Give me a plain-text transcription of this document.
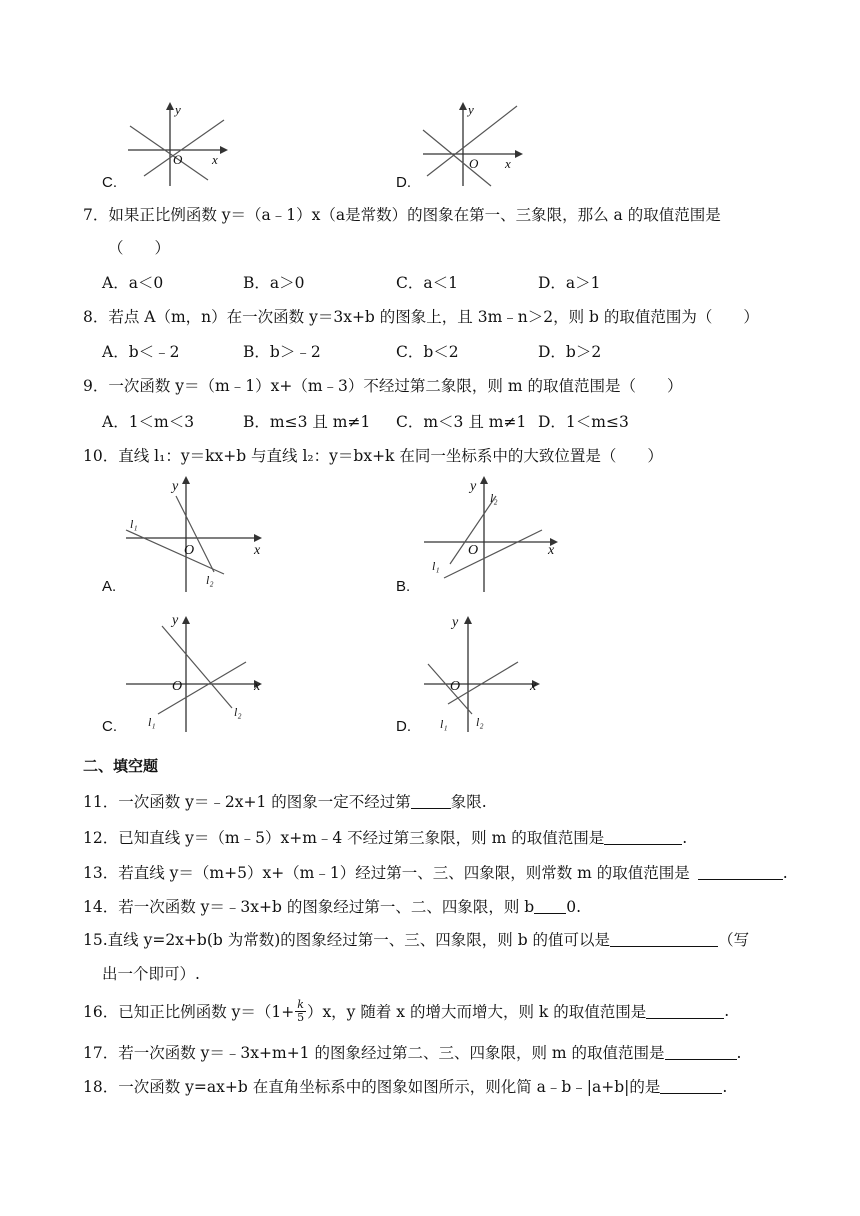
y
O x
C.
y
O x
D.
7．如果正比例函数 y＝（a﹣1）x（a是常数）的图象在第一、三象限，那么 a 的取值范围是
（　　）
A．a＜0	B．a＞0	C．a＜1	D．a＞1
8．若点 A（m，n）在一次函数 y＝3x+b 的图象上，且 3m﹣n＞2，则 b 的取值范围为（　　）
A．b＜﹣2	B．b＞﹣2	C．b＜2	D．b＞2
9．一次函数 y＝（m﹣1）x+（m﹣3）不经过第二象限，则 m 的取值范围是（　　）
A．1＜m＜3	B．m≤3 且 m≠1 C．m＜3 且 m≠1 D．1＜m≤3
10．直线 l₁：y＝kx+b 与直线 l₂：y＝bx+k 在同一坐标系中的大致位置是（　　）
y
O	x
l₁
l₂
A.
y
O	x
l₁
l₂
B.
y
O	x
l₁
l₂
C.
y
O	x
l₁ l₂
D.
二、填空题
11．一次函数 y＝﹣2x+1 的图象一定不经过第	象限.
12．已知直线 y＝（m﹣5）x+m﹣4 不经过第三象限，则 m 的取值范围是	.
13．若直线 y＝（m+5）x+（m﹣1）经过第一、三、四象限，则常数 m 的取值范围是	.
14．若一次函数 y＝﹣3x+b 的图象经过第一、二、四象限，则 b 0.
15.直线 y=2x+b(b 为常数)的图象经过第一、三、四象限，则 b 的值可以是	（写
出一个即可）.
16．已知正比例函数 $y=(1+ \frac{k}{5} )x$，y 随着 x 的增大而增大，则 k 的取值范围是	.
17．若一次函数 y＝﹣3x+m+1 的图象经过第二、三、四象限，则 m 的取值范围是	.
18．一次函数 y=ax+b 在直角坐标系中的图象如图所示，则化简 a﹣b﹣|a+b|的是	.
